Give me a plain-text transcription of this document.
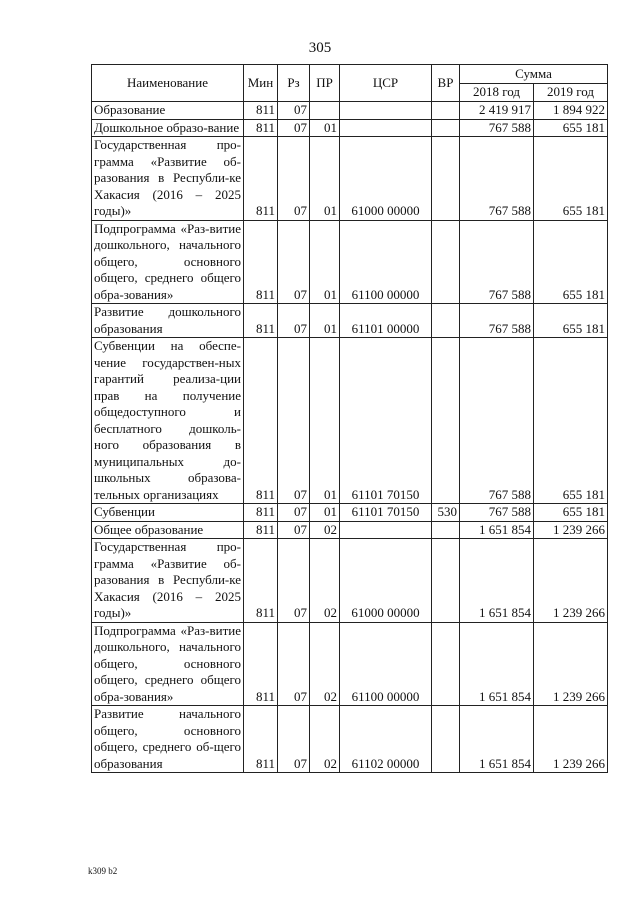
305
Наименование	Мин	Рз	ПР	ЦСР	ВР	Сумма	
						2018 год	2019 год
Образование	811	07				2 419 917	1 894 922
Дошкольное образо-вание	811	07	01			767 588	655 181
Государственная про-грамма «Развитие об-разования в Республи-ке Хакасия (2016 – 2025 годы)»	811	07	01	61000 00000		767 588	655 181
Подпрограмма «Раз-витие дошкольного, начального общего, основного общего, среднего общего обра-зования»	811	07	01	61100 00000		767 588	655 181
Развитие дошкольного образования	811	07	01	61101 00000		767 588	655 181
Субвенции на обеспе-чение государствен-ных гарантий реализа-ции прав на получение общедоступного и бесплатного дошколь-ного образования в муниципальных до-школьных образова-тельных организациях	811	07	01	61101 70150		767 588	655 181
Субвенции	811	07	01	61101 70150	530	767 588	655 181
Общее образование	811	07	02			1 651 854	1 239 266
Государственная про-грамма «Развитие об-разования в Республи-ке Хакасия (2016 – 2025 годы)»	811	07	02	61000 00000		1 651 854	1 239 266
Подпрограмма «Раз-витие дошкольного, начального общего, основного общего, среднего общего обра-зования»	811	07	02	61100 00000		1 651 854	1 239 266
Развитие начального общего, основного общего, среднего об-щего образования	811	07	02	61102 00000		1 651 854	1 239 266
k309 b2
